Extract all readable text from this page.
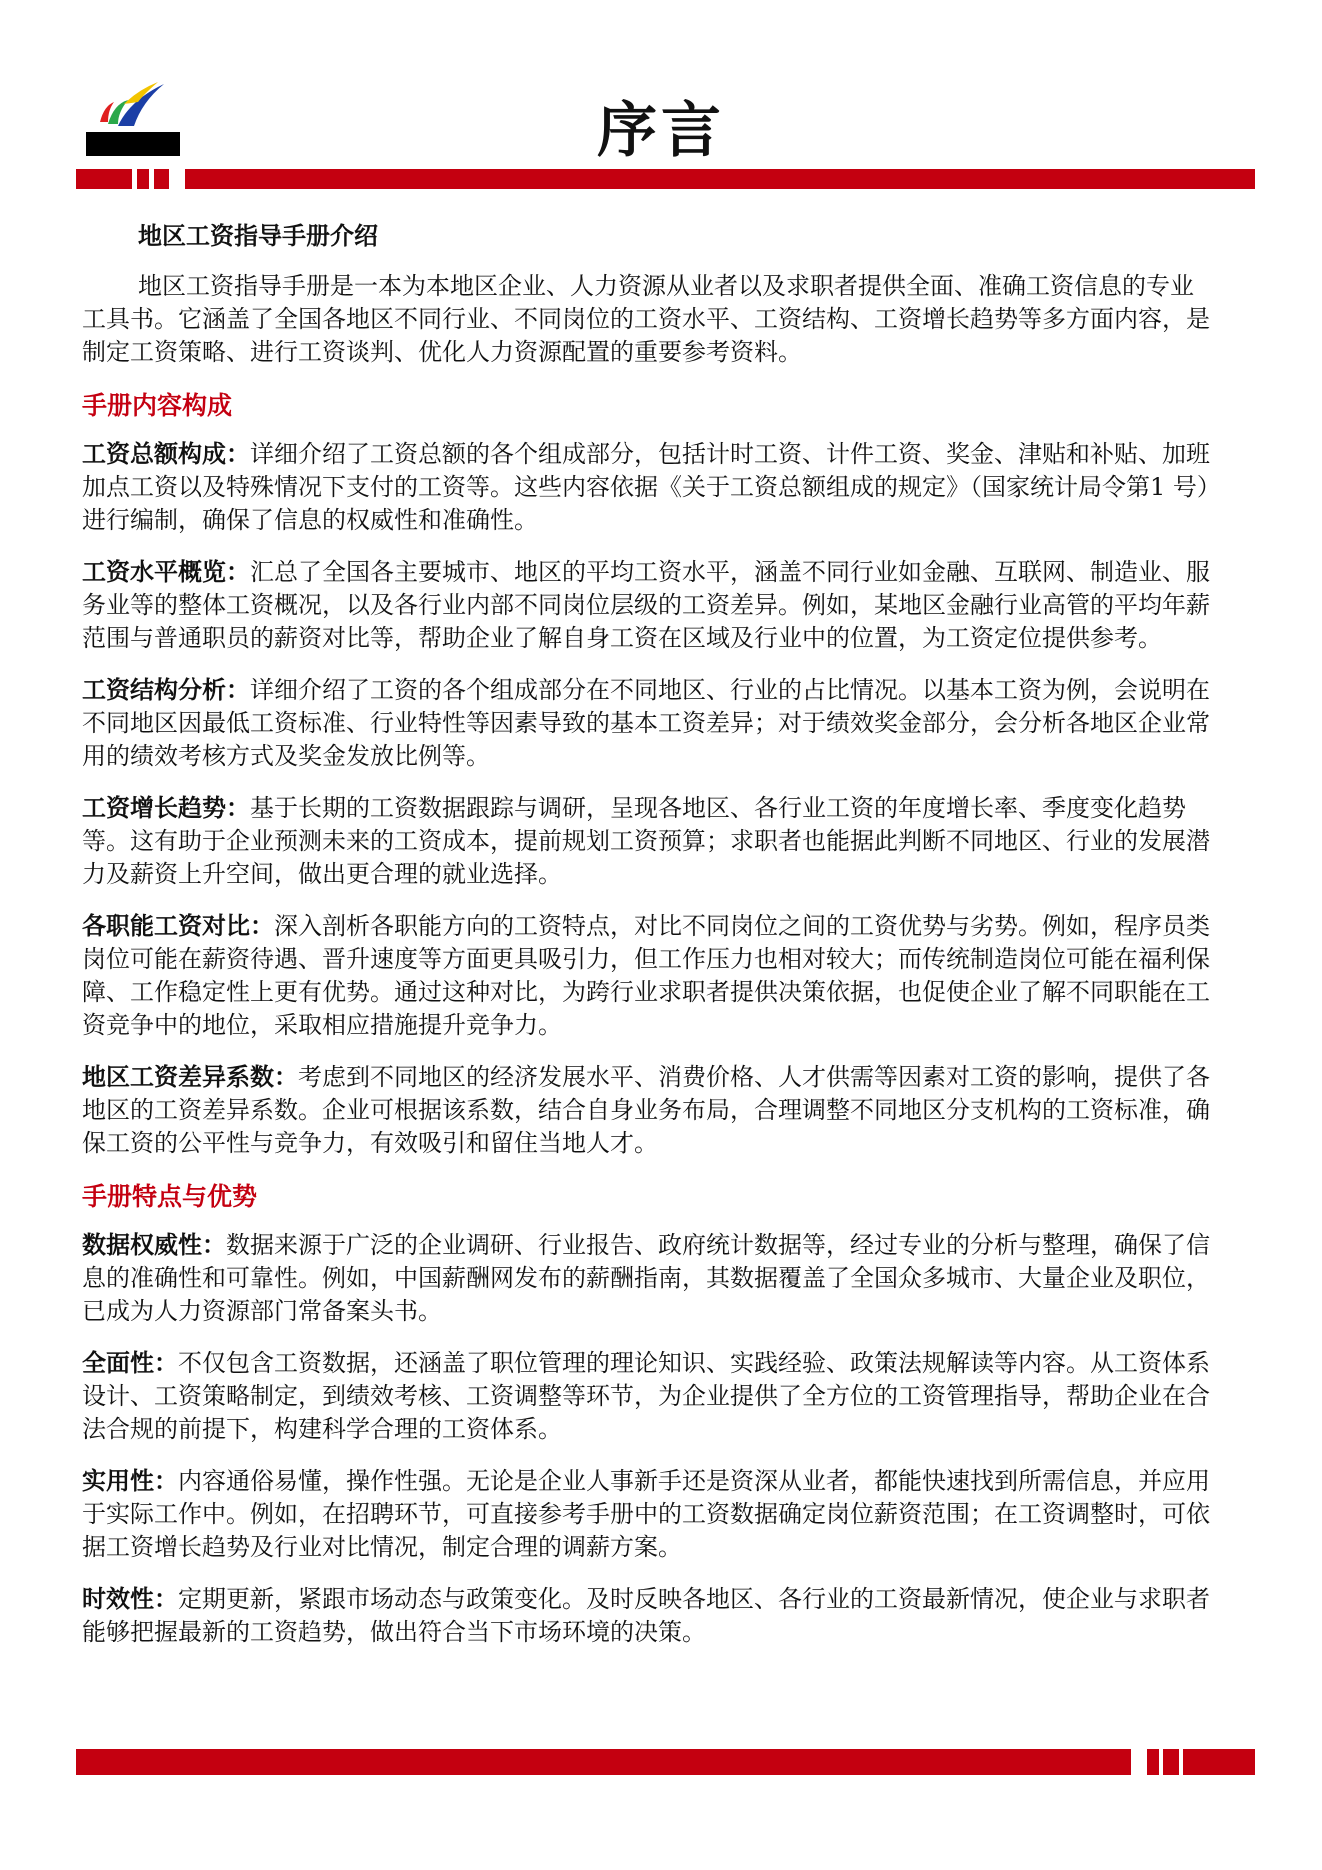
序言

地区工资指导手册介绍

地区工资指导手册是一本为本地区企业、人力资源从业者以及求职者提供全面、准确工资信息的专业工具书。它涵盖了全国各地区不同行业、不同岗位的工资水平、工资结构、工资增长趋势等多方面内容，是制定工资策略、进行工资谈判、优化人力资源配置的重要参考资料。

手册内容构成

工资总额构成：详细介绍了工资总额的各个组成部分，包括计时工资、计件工资、奖金、津贴和补贴、加班加点工资以及特殊情况下支付的工资等。这些内容依据《关于工资总额组成的规定》（国家统计局令第1 号）进行编制，确保了信息的权威性和准确性。

工资水平概览：汇总了全国各主要城市、地区的平均工资水平，涵盖不同行业如金融、互联网、制造业、服务业等的整体工资概况，以及各行业内部不同岗位层级的工资差异。例如，某地区金融行业高管的平均年薪范围与普通职员的薪资对比等，帮助企业了解自身工资在区域及行业中的位置，为工资定位提供参考。

工资结构分析：详细介绍了工资的各个组成部分在不同地区、行业的占比情况。以基本工资为例，会说明在不同地区因最低工资标准、行业特性等因素导致的基本工资差异；对于绩效奖金部分，会分析各地区企业常用的绩效考核方式及奖金发放比例等。

工资增长趋势：基于长期的工资数据跟踪与调研，呈现各地区、各行业工资的年度增长率、季度变化趋势等。这有助于企业预测未来的工资成本，提前规划工资预算；求职者也能据此判断不同地区、行业的发展潜力及薪资上升空间，做出更合理的就业选择。

各职能工资对比：深入剖析各职能方向的工资特点，对比不同岗位之间的工资优势与劣势。例如，程序员类岗位可能在薪资待遇、晋升速度等方面更具吸引力，但工作压力也相对较大；而传统制造岗位可能在福利保障、工作稳定性上更有优势。通过这种对比，为跨行业求职者提供决策依据，也促使企业了解不同职能在工资竞争中的地位，采取相应措施提升竞争力。

地区工资差异系数：考虑到不同地区的经济发展水平、消费价格、人才供需等因素对工资的影响，提供了各地区的工资差异系数。企业可根据该系数，结合自身业务布局，合理调整不同地区分支机构的工资标准，确保工资的公平性与竞争力，有效吸引和留住当地人才。

手册特点与优势

数据权威性：数据来源于广泛的企业调研、行业报告、政府统计数据等，经过专业的分析与整理，确保了信息的准确性和可靠性。例如，中国薪酬网发布的薪酬指南，其数据覆盖了全国众多城市、大量企业及职位，已成为人力资源部门常备案头书。

全面性：不仅包含工资数据，还涵盖了职位管理的理论知识、实践经验、政策法规解读等内容。从工资体系设计、工资策略制定，到绩效考核、工资调整等环节，为企业提供了全方位的工资管理指导，帮助企业在合法合规的前提下，构建科学合理的工资体系。

实用性：内容通俗易懂，操作性强。无论是企业人事新手还是资深从业者，都能快速找到所需信息，并应用于实际工作中。例如，在招聘环节，可直接参考手册中的工资数据确定岗位薪资范围；在工资调整时，可依据工资增长趋势及行业对比情况，制定合理的调薪方案。

时效性：定期更新，紧跟市场动态与政策变化。及时反映各地区、各行业的工资最新情况，使企业与求职者能够把握最新的工资趋势，做出符合当下市场环境的决策。
